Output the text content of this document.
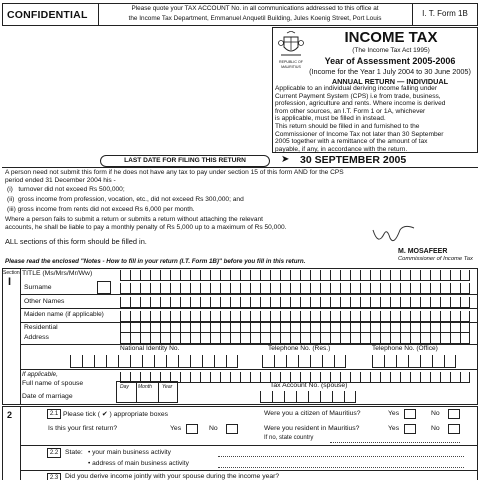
CONFIDENTIAL
Please quote your TAX ACCOUNT No. in all communications addressed to this office at
the Income Tax Department, Emmanuel Anquetil Building, Jules Koenig Street, Port Louis
I. T. Form 1B
REPUBLIC OF MAURITIUS
INCOME TAX
(The Income Tax Act 1995)
Year of Assessment 2005-2006
(Income for the Year 1 July 2004 to 30 June 2005)
ANNUAL RETURN — INDIVIDUAL
Applicable to an individual deriving income falling under
Current Payment System (CPS) i.e from trade, business,
profession, agriculture and rents. Where income is derived
from other sources, an I.T. Form 1 or 1A, whichever
is applicable, must be filled in instead.
This return should be filled in and furnished to the
Commissioner of Income Tax not later than 30 September
2005 together with a remittance of the amount of tax
payable, if any, in accordance with the return.
LAST DATE FOR FILING THIS RETURN	➤ 30 SEPTEMBER 2005
A person need not submit this form if he does not have any tax to pay under section 15 of this form AND for the CPS
period ended 31 December 2004 his -
(i)   turnover did not exceed Rs 500,000;
(ii)  gross income from profession, vocation, etc., did not exceed Rs 300,000; and
(iii) gross income from rents did not exceed Rs 6,000 per month.
Where a person fails to submit a return or submits a return without attaching the relevant
accounts, he shall be liable to pay a monthly penalty of Rs 5,000 up to a maximum of Rs 50,000.
ALL sections of this form should be filled in.
M. MOSAFEER
Commissioner of Income Tax
Please read the enclosed "Notes - How to fill in your return (I.T. Form 1B)" before you fill in this return.
Section
I
TITLE (Ms/Mrs/Mr/Ww)
Surname
Other Names
Maiden name (if applicable)
Residential
Address
National Identity No.	Telephone No. (Res.)	Telephone No. (Office)
If applicable,
Full name of spouse
Date of marriage
Day Month Year	Tax Account No. (spouse)
2	2.1 Please tick ( ✔ ) appropriate boxes
Is this your first return?	Yes	No
Were you a citizen of Mauritius?	Yes	No
Were you resident in Mauritius?	Yes	No
If no, state country
2.2	State: • your main business activity
• address of main business activity
2.3	Did you derive income jointly with your spouse during the income year?
